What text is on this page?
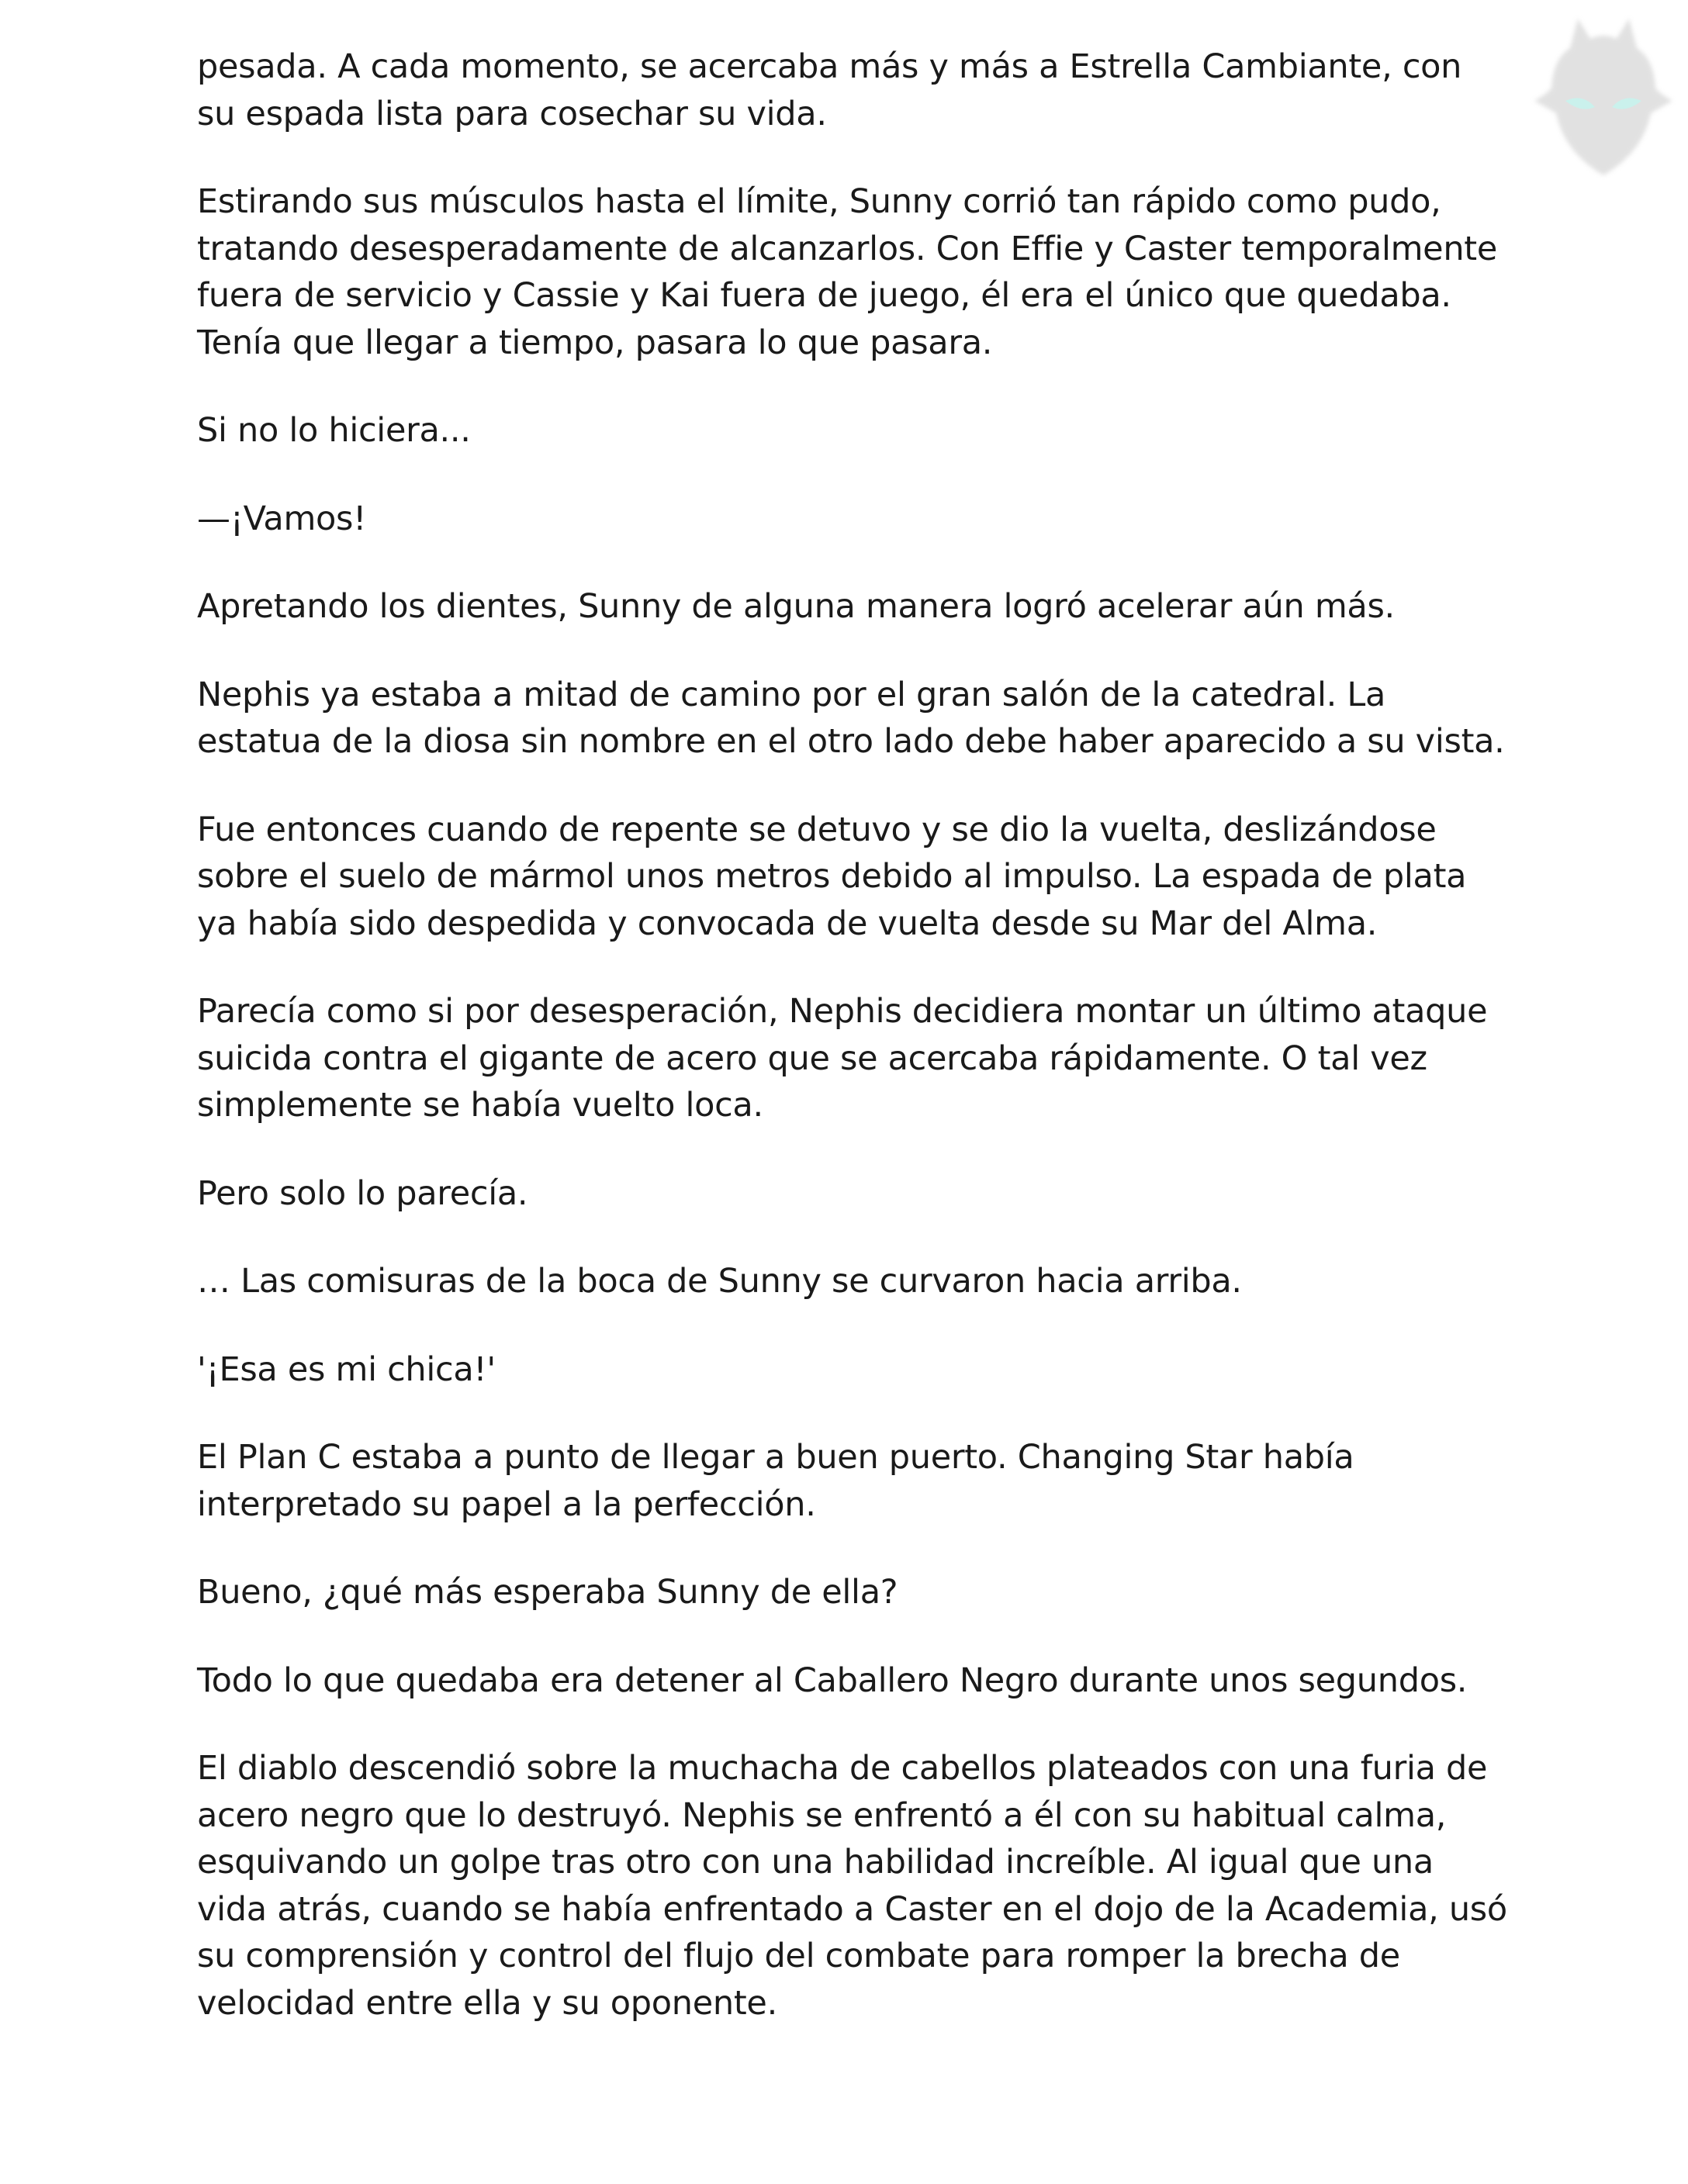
pesada. A cada momento, se acercaba más y más a Estrella Cambiante, con su espada lista para cosechar su vida.

Estirando sus músculos hasta el límite, Sunny corrió tan rápido como pudo, tratando desesperadamente de alcanzarlos. Con Effie y Caster temporalmente fuera de servicio y Cassie y Kai fuera de juego, él era el único que quedaba. Tenía que llegar a tiempo, pasara lo que pasara.

Si no lo hiciera...

—¡Vamos!

Apretando los dientes, Sunny de alguna manera logró acelerar aún más.

Nephis ya estaba a mitad de camino por el gran salón de la catedral. La estatua de la diosa sin nombre en el otro lado debe haber aparecido a su vista.

Fue entonces cuando de repente se detuvo y se dio la vuelta, deslizándose sobre el suelo de mármol unos metros debido al impulso. La espada de plata ya había sido despedida y convocada de vuelta desde su Mar del Alma.

Parecía como si por desesperación, Nephis decidiera montar un último ataque suicida contra el gigante de acero que se acercaba rápidamente. O tal vez simplemente se había vuelto loca.

Pero solo lo parecía.

… Las comisuras de la boca de Sunny se curvaron hacia arriba.

'¡Esa es mi chica!'

El Plan C estaba a punto de llegar a buen puerto. Changing Star había interpretado su papel a la perfección.

Bueno, ¿qué más esperaba Sunny de ella?

Todo lo que quedaba era detener al Caballero Negro durante unos segundos.

El diablo descendió sobre la muchacha de cabellos plateados con una furia de acero negro que lo destruyó. Nephis se enfrentó a él con su habitual calma, esquivando un golpe tras otro con una habilidad increíble. Al igual que una vida atrás, cuando se había enfrentado a Caster en el dojo de la Academia, usó su comprensión y control del flujo del combate para romper la brecha de velocidad entre ella y su oponente.
